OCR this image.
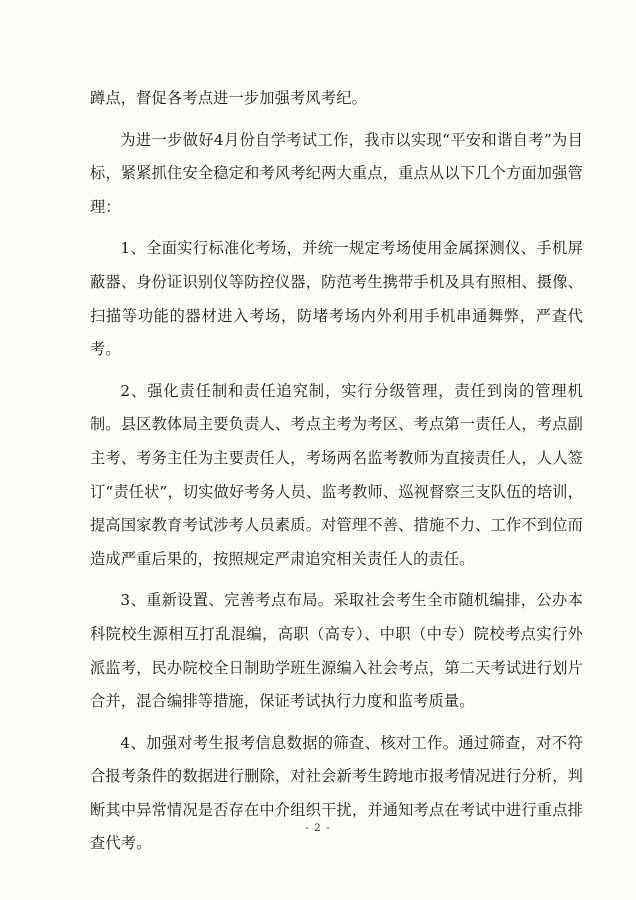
蹲点，督促各考点进一步加强考风考纪。

为进一步做好4月份自学考试工作，我市以实现“平安和谐自考”为目标，紧紧抓住安全稳定和考风考纪两大重点，重点从以下几个方面加强管理：

1、全面实行标准化考场，并统一规定考场使用金属探测仪、手机屏蔽器、身份证识别仪等防控仪器，防范考生携带手机及具有照相、摄像、扫描等功能的器材进入考场，防堵考场内外利用手机串通舞弊，严查代考。

2、强化责任制和责任追究制，实行分级管理，责任到岗的管理机制。县区教体局主要负责人、考点主考为考区、考点第一责任人，考点副主考、考务主任为主要责任人，考场两名监考教师为直接责任人，人人签订“责任状”，切实做好考务人员、监考教师、巡视督察三支队伍的培训，提高国家教育考试涉考人员素质。对管理不善、措施不力、工作不到位而造成严重后果的，按照规定严肃追究相关责任人的责任。

3、重新设置、完善考点布局。采取社会考生全市随机编排，公办本科院校生源相互打乱混编，高职（高专）、中职（中专）院校考点实行外派监考，民办院校全日制助学班生源编入社会考点，第二天考试进行划片合并，混合编排等措施，保证考试执行力度和监考质量。

4、加强对考生报考信息数据的筛查、核对工作。通过筛查，对不符合报考条件的数据进行删除，对社会新考生跨地市报考情况进行分析，判断其中异常情况是否存在中介组织干扰，并通知考点在考试中进行重点排查代考。

- 2 -
